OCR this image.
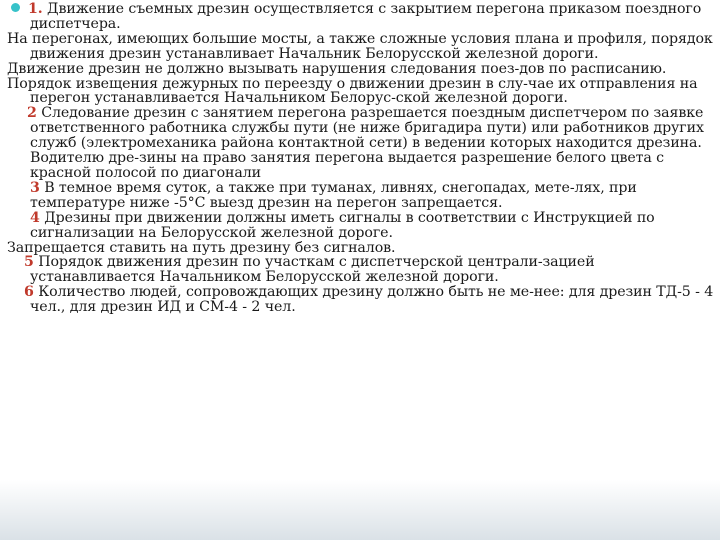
1. Движение съемных дрезин осуществляется с закрытием перегона приказом поездного диспетчера.

На перегонах, имеющих большие мосты, а также сложные условия плана и профиля, порядок движения дрезин устанавливает Начальник Белорусской железной дороги.

Движение дрезин не должно вызывать нарушения следования поез-дов по расписанию.

Порядок извещения дежурных по переезду о движении дрезин в слу-чае их отправления на перегон устанавливается Начальником Белорус-ской железной дороги.

2 Следование дрезин с занятием перегона разрешается поездным диспетчером по заявке ответственного работника службы пути (не ниже бригадира пути) или работников других служб (электромеханика района контактной сети) в ведении которых находится дрезина. Водителю дре-зины на право занятия перегона выдается разрешение белого цвета с красной полосой по диагонали

3 В темное время суток, а также при туманах, ливнях, снегопадах, мете-лях, при температуре ниже -5°С выезд дрезин на перегон запрещается.

4 Дрезины при движении должны иметь сигналы в соответствии с Инструкцией по сигнализации на Белорусской железной дороге.

Запрещается ставить на путь дрезину без сигналов.

5 Порядок движения дрезин по участкам с диспетчерской централи-зацией устанавливается Начальником Белорусской железной дороги.

6 Количество людей, сопровождающих дрезину должно быть не ме-нее: для дрезин ТД-5 - 4 чел., для дрезин ИД и СМ-4 - 2 чел.
